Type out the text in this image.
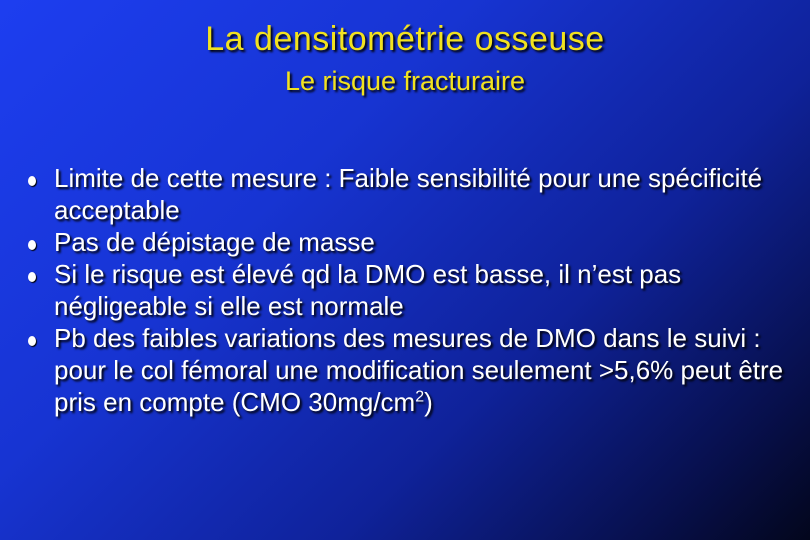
La densitométrie osseuse
Le risque fracturaire
Limite de cette mesure : Faible sensibilité pour une spécificité acceptable
Pas de dépistage de masse
Si le risque est élevé qd la DMO est basse, il n’est pas négligeable si elle est normale
Pb des faibles variations des mesures de DMO dans le suivi : pour le col fémoral une modification seulement >5,6% peut être pris en compte (CMO $30mg/cm^2$)
